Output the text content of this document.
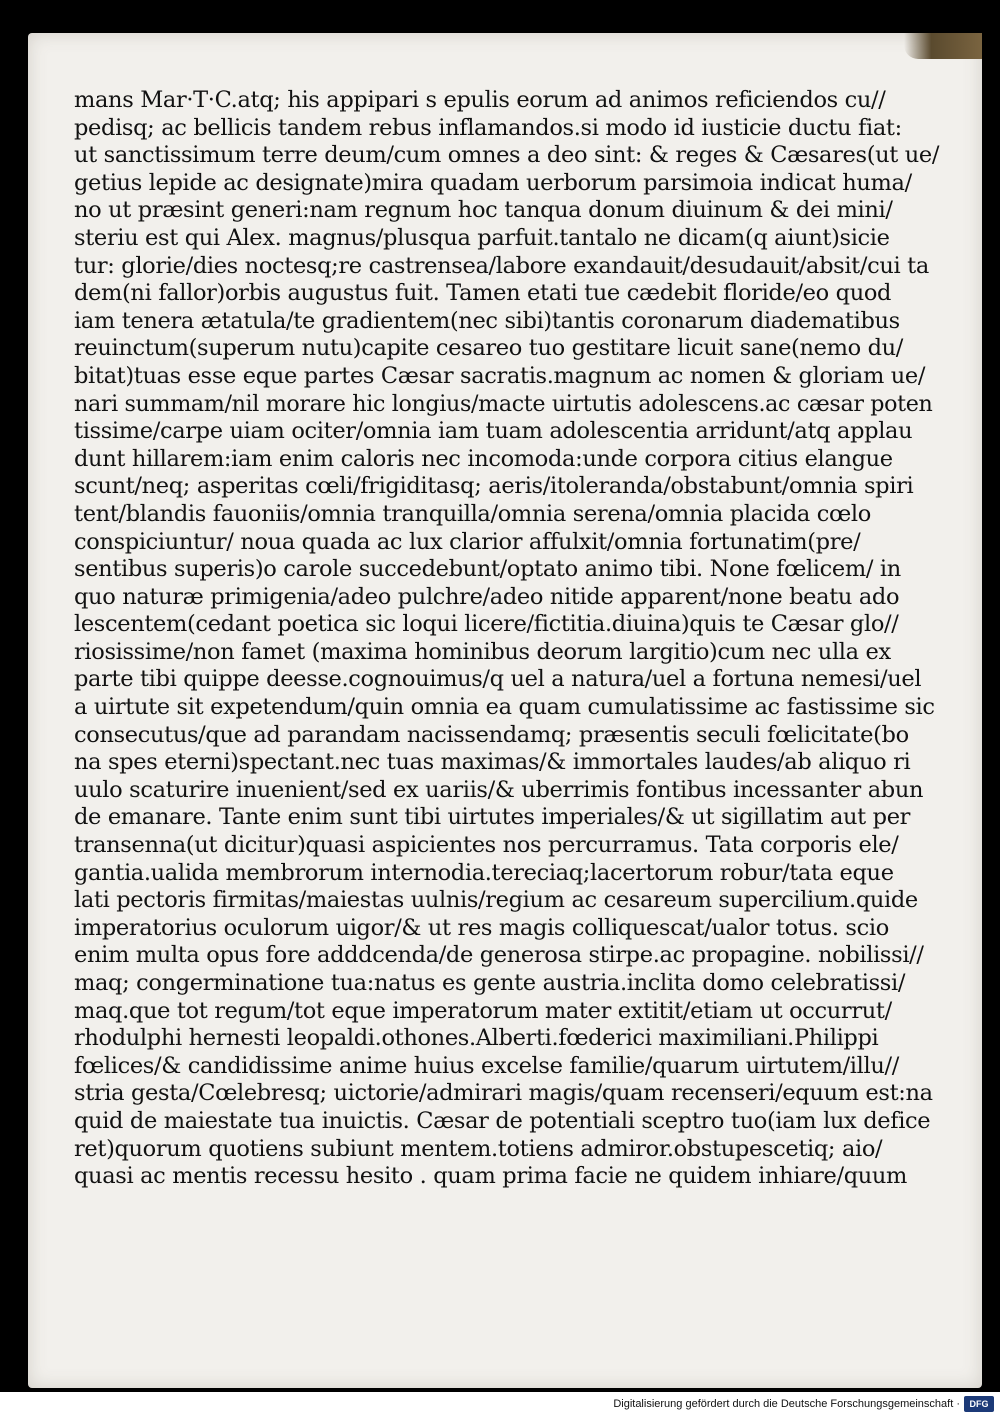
mans Mar·T·C.atq; his appipari s epulis eorum ad animos reficiendos cu//
pedisq; ac bellicis tandem rebus inflamandos.si modo id iusticie ductu fiat:
ut sanctissimum terre deum/cum omnes a deo sint: & reges & Cæsares(ut ue/
getius lepide ac designate)mira quadam uerborum parsimoia indicat huma/
no ut præsint generi:nam regnum hoc tanqua donum diuinum & dei mini/
steriu est qui Alex. magnus/plusqua parfuit.tantalo ne dicam(q aiunt)sicie
tur: glorie/dies noctesq;re castrensea/labore exandauit/desudauit/absit/cui ta
dem(ni fallor)orbis augustus fuit. Tamen etati tue cædebit floride/eo quod
iam tenera ætatula/te gradientem(nec sibi)tantis coronarum diadematibus
reuinctum(superum nutu)capite cesareo tuo gestitare licuit sane(nemo du/
bitat)tuas esse eque partes Cæsar sacratis.magnum ac nomen & gloriam ue/
nari summam/nil morare hic longius/macte uirtutis adolescens.ac cæsar poten
tissime/carpe uiam ociter/omnia iam tuam adolescentia arridunt/atq applau
dunt hillarem:iam enim caloris nec incomoda:unde corpora citius elangue
scunt/neq; asperitas cœli/frigiditasq; aeris/itoleranda/obstabunt/omnia spiri
tent/blandis fauoniis/omnia tranquilla/omnia serena/omnia placida cœlo
conspiciuntur/ noua quada ac lux clarior affulxit/omnia fortunatim(pre/
sentibus superis)o carole succedebunt/optato animo tibi. None fœlicem/ in
quo naturæ primigenia/adeo pulchre/adeo nitide apparent/none beatu ado
lescentem(cedant poetica sic loqui licere/fictitia.diuina)quis te Cæsar glo//
riosissime/non famet (maxima hominibus deorum largitio)cum nec ulla ex
parte tibi quippe deesse.cognouimus/q uel a natura/uel a fortuna nemesi/uel
a uirtute sit expetendum/quin omnia ea quam cumulatissime ac fastissime sic
consecutus/que ad parandam nacissendamq; præsentis seculi fœlicitate(bo
na spes eterni)spectant.nec tuas maximas/& immortales laudes/ab aliquo ri
uulo scaturire inuenient/sed ex uariis/& uberrimis fontibus incessanter abun
de emanare. Tante enim sunt tibi uirtutes imperiales/& ut sigillatim aut per
transenna(ut dicitur)quasi aspicientes nos percurramus. Tata corporis ele/
gantia.ualida membrorum internodia.tereciaq;lacertorum robur/tata eque
lati pectoris firmitas/maiestas uulnis/regium ac cesareum supercilium.quide
imperatorius oculorum uigor/& ut res magis colliquescat/ualor totus. scio
enim multa opus fore adddcenda/de generosa stirpe.ac propagine. nobilissi//
maq; congerminatione tua:natus es gente austria.inclita domo celebratissi/
maq.que tot regum/tot eque imperatorum mater extitit/etiam ut occurrut/
rhodulphi hernesti leopaldi.othones.Alberti.fœderici maximiliani.Philippi
fœlices/& candidissime anime huius excelse familie/quarum uirtutem/illu//
stria gesta/Cœlebresq; uictorie/admirari magis/quam recenseri/equum est:na
quid de maiestate tua inuictis. Cæsar de potentiali sceptro tuo(iam lux defice
ret)quorum quotiens subiunt mentem.totiens admiror.obstupescetiq; aio/
quasi ac mentis recessu hesito . quam prima facie ne quidem inhiare/quum
Digitalisierung gefördert durch die Deutsche Forschungsgemeinschaft ·	DFG
